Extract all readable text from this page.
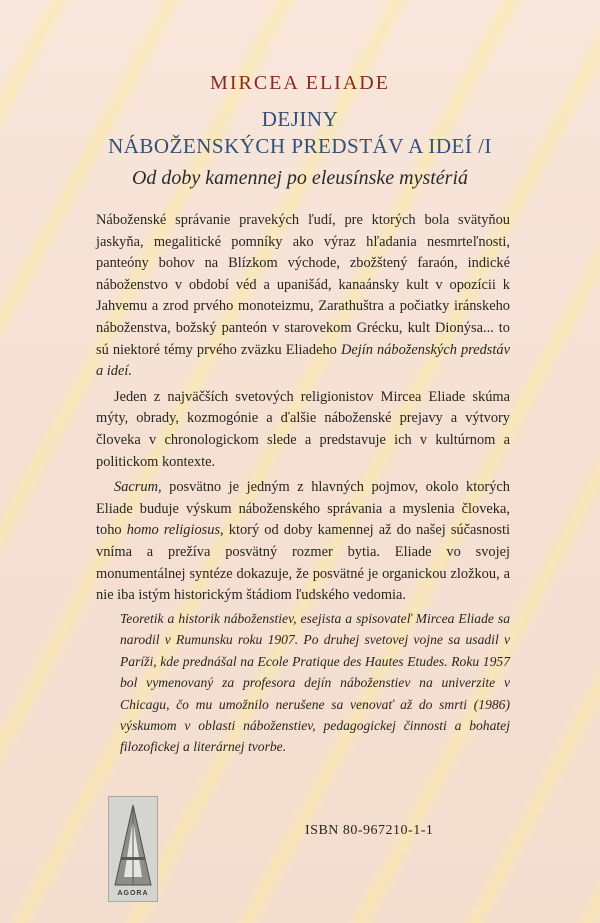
MIRCEA ELIADE
DEJINY
NÁBOŽENSKÝCH PREDSTÁV A IDEÍ /I
Od doby kamennej po eleusínske mystériá

Náboženské správanie pravekých ľudí, pre ktorých bola svätyňou jaskyňa, megalitické pomníky ako výraz hľadania nesmrteľnosti, panteóny bohov na Blízkom východe, zbožštený faraón, indické náboženstvo v období véd a upanišád, kanaánsky kult v opozícii k Jahvemu a zrod prvého monoteizmu, Zarathuštra a počiatky iránskeho náboženstva, božský panteón v starovekom Grécku, kult Dionýsa... to sú niektoré témy prvého zväzku Eliadeho Dejín náboženských predstáv a ideí.

Jeden z najväčších svetových religionistov Mircea Eliade skúma mýty, obrady, kozmogónie a ďalšie náboženské prejavy a výtvory človeka v chronologickom slede a predstavuje ich v kultúrnom a politickom kontexte.

Sacrum, posvätno je jedným z hlavných pojmov, okolo ktorých Eliade buduje výskum náboženského správania a myslenia človeka, toho homo religiosus, ktorý od doby kamennej až do našej súčasnosti vníma a prežíva posvätný rozmer bytia. Eliade vo svojej monumentálnej syntéze dokazuje, že posvätné je organickou zložkou, a nie iba istým historickým štádiom ľudského vedomia.

Teoretik a historik náboženstiev, esejista a spisovateľ Mircea Eliade sa narodil v Rumunsku roku 1907. Po druhej svetovej vojne sa usadil v Paríži, kde prednášal na Ecole Pratique des Hautes Etudes. Roku 1957 bol vymenovaný za profesora dejín náboženstiev na univerzite v Chicagu, čo mu umožnilo nerušene sa venovať až do smrti (1986) výskumom v oblasti náboženstiev, pedagogickej činnosti a bohatej filozofickej a literárnej tvorbe.
AGORA
ISBN 80-967210-1-1
